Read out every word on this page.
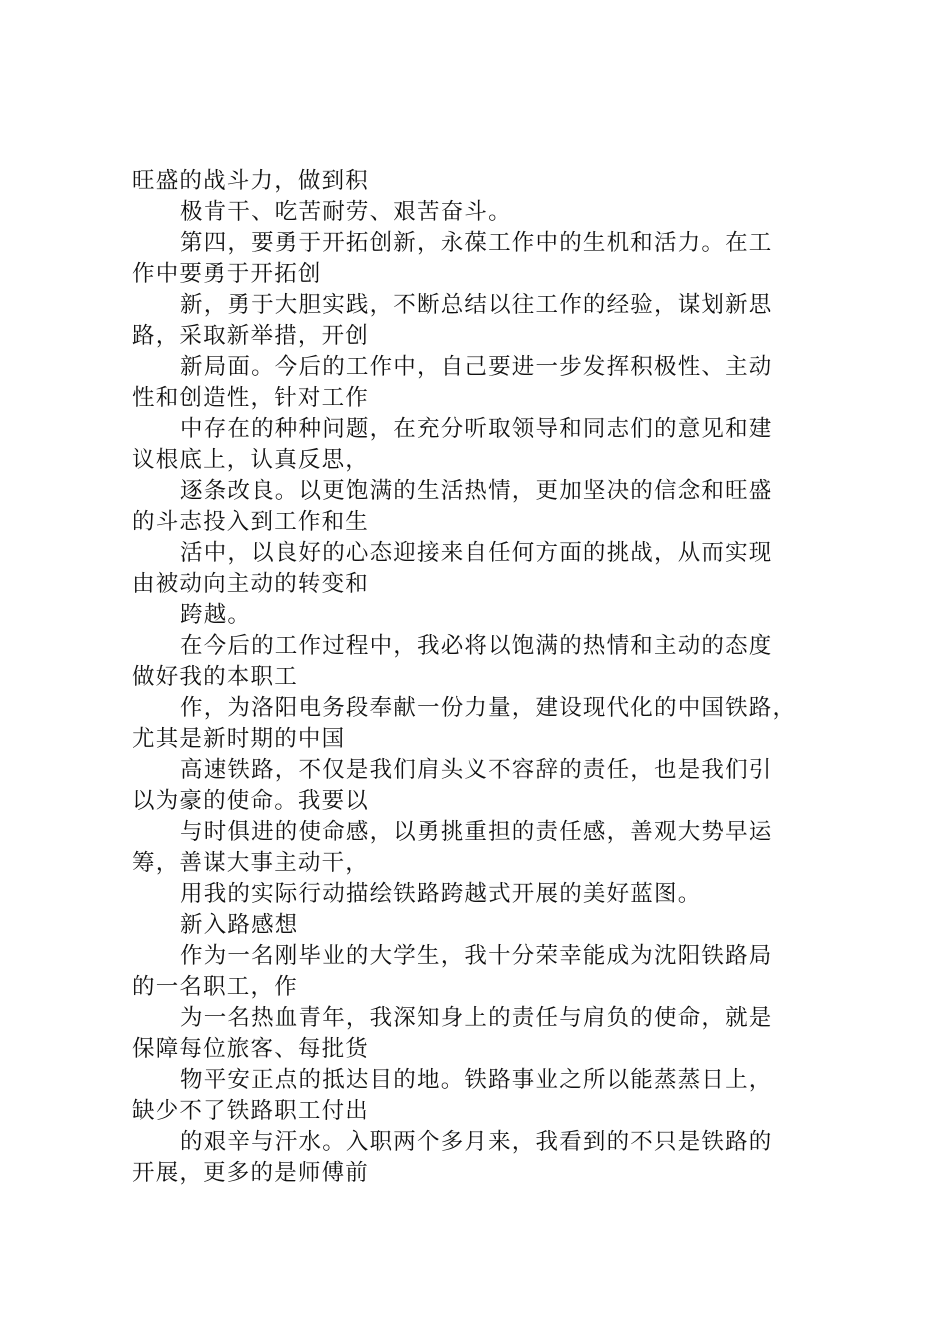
旺盛的战斗力，做到积
极肯干、吃苦耐劳、艰苦奋斗。
第四，要勇于开拓创新，永葆工作中的生机和活力。在工
作中要勇于开拓创
新，勇于大胆实践，不断总结以往工作的经验，谋划新思
路，采取新举措，开创
新局面。今后的工作中，自己要进一步发挥积极性、主动
性和创造性，针对工作
中存在的种种问题，在充分听取领导和同志们的意见和建
议根底上，认真反思，
逐条改良。以更饱满的生活热情，更加坚决的信念和旺盛
的斗志投入到工作和生
活中，以良好的心态迎接来自任何方面的挑战，从而实现
由被动向主动的转变和
跨越。
在今后的工作过程中，我必将以饱满的热情和主动的态度
做好我的本职工
作，为洛阳电务段奉献一份力量，建设现代化的中国铁路，
尤其是新时期的中国
高速铁路，不仅是我们肩头义不容辞的责任，也是我们引
以为豪的使命。我要以
与时俱进的使命感，以勇挑重担的责任感，善观大势早运
筹，善谋大事主动干，
用我的实际行动描绘铁路跨越式开展的美好蓝图。
新入路感想
作为一名刚毕业的大学生，我十分荣幸能成为沈阳铁路局
的一名职工，作
为一名热血青年，我深知身上的责任与肩负的使命，就是
保障每位旅客、每批货
物平安正点的抵达目的地。铁路事业之所以能蒸蒸日上，
缺少不了铁路职工付出
的艰辛与汗水。入职两个多月来，我看到的不只是铁路的
开展，更多的是师傅前
